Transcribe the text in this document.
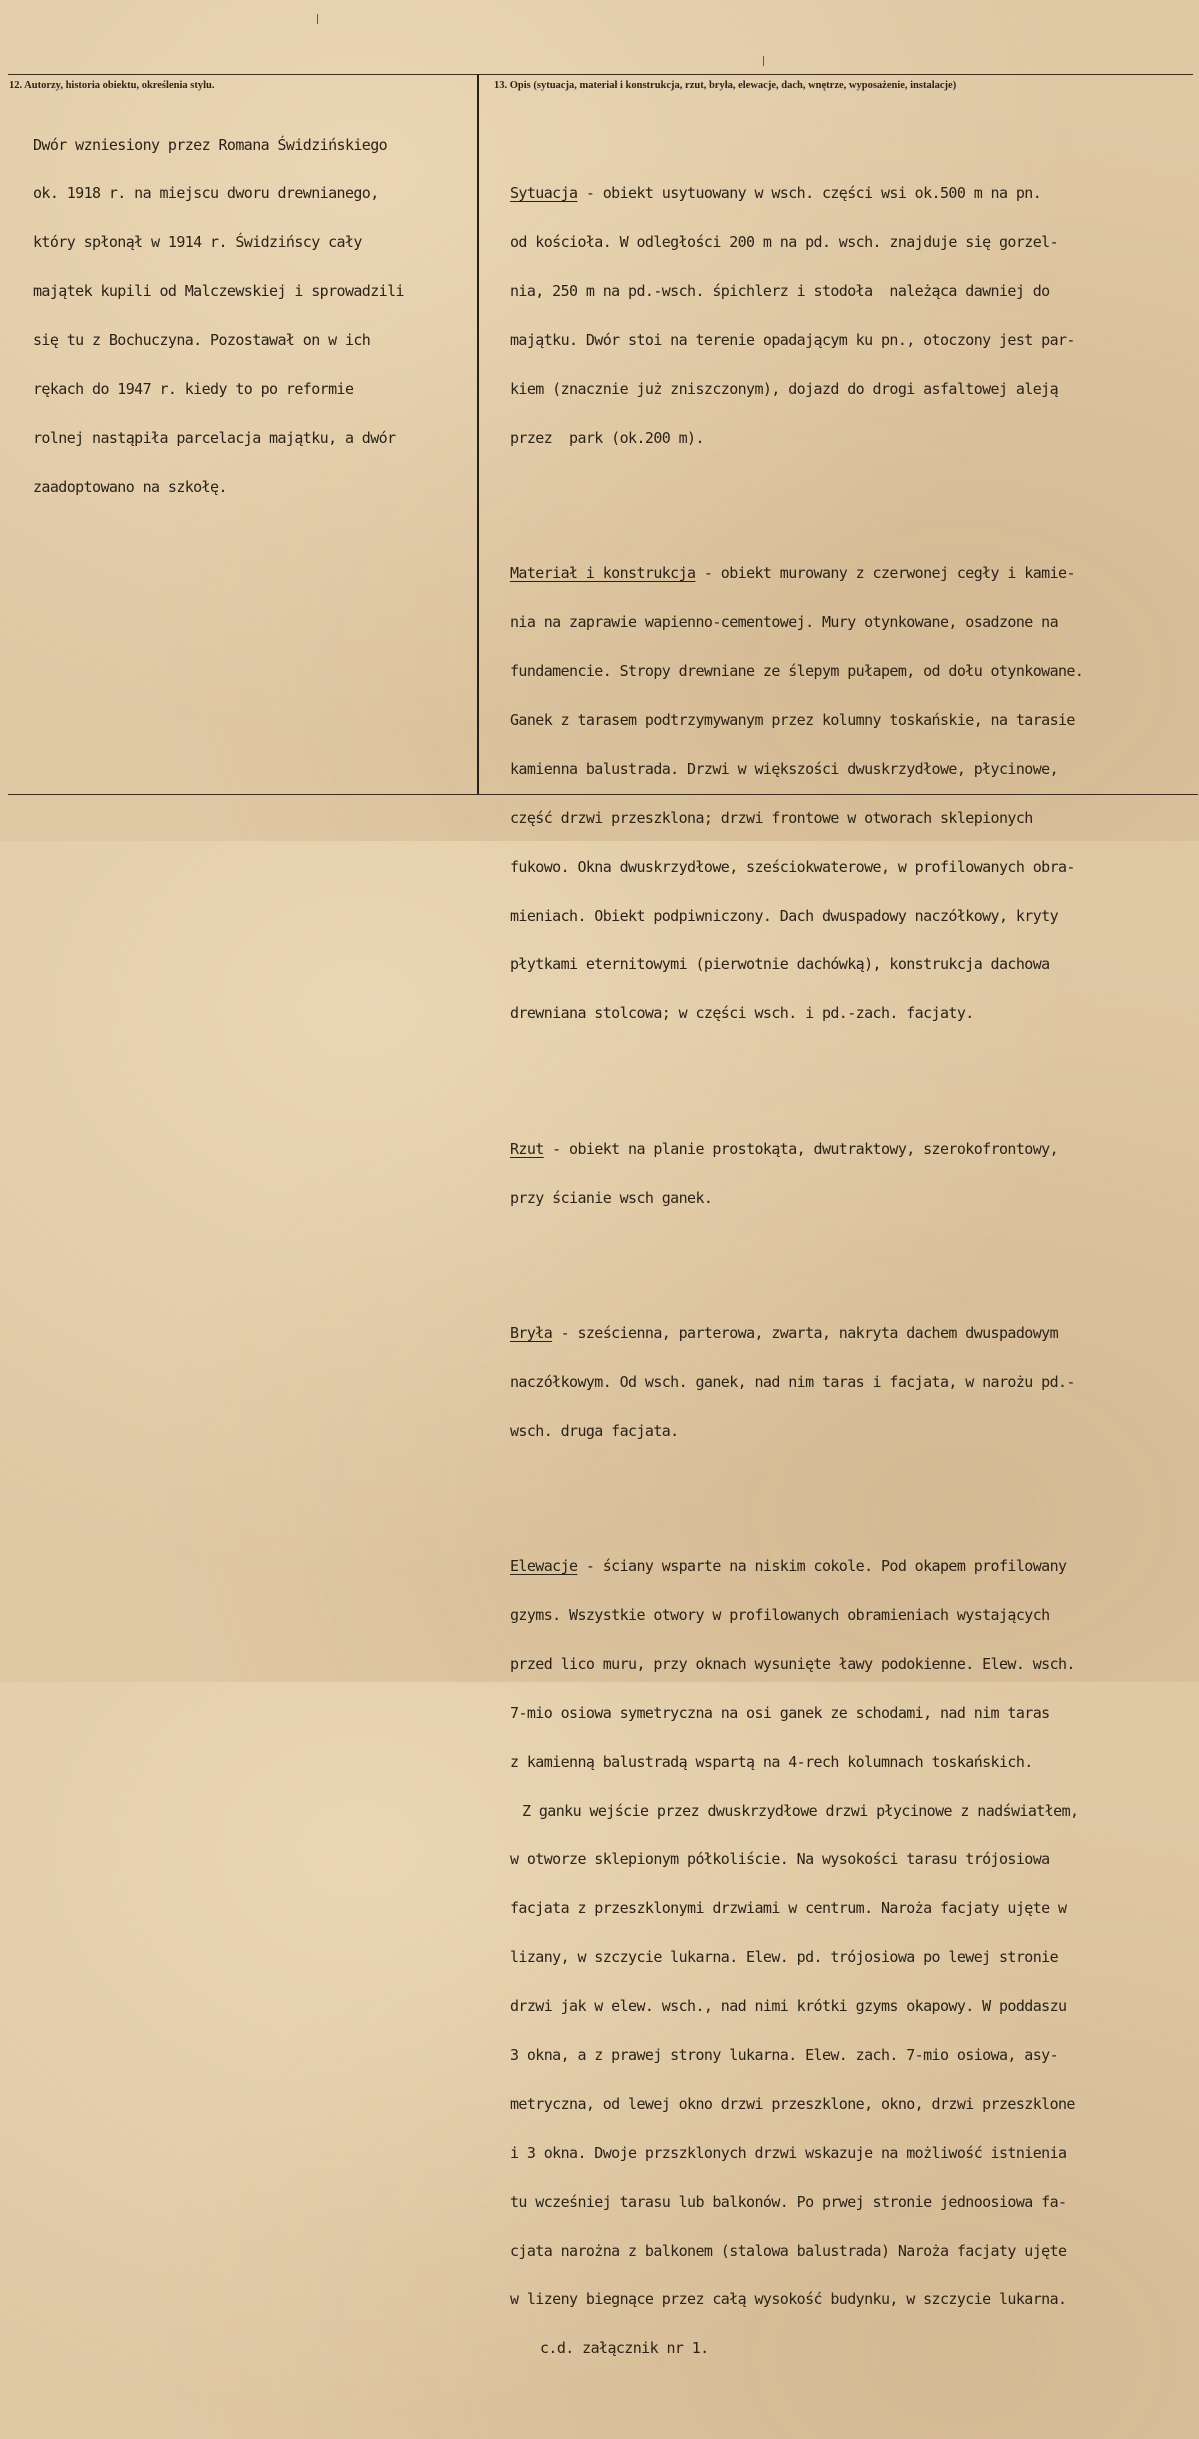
12. Autorzy, historia obiektu, określenia stylu.	13. Opis (sytuacja, materiał i konstrukcja, rzut, bryła, elewacje, dach, wnętrze, wyposażenie, instalacje)

Dwór wzniesiony przez Romana Świdzińskiego

ok. 1918 r. na miejscu dworu drewnianego,

który spłonął w 1914 r. Świdzińscy cały

majątek kupili od Malczewskiej i sprowadzili

się tu z Bochuczyna. Pozostawał on w ich

rękach do 1947 r. kiedy to po reformie

rolnej nastąpiła parcelacja majątku, a dwór

zaadoptowano na szkołę.

Sytuacja - obiekt usytuowany w wsch. części wsi ok.500 m na pn.

od kościoła. W odległości 200 m na pd. wsch. znajduje się gorzel-

nia, 250 m na pd.-wsch. śpichlerz i stodoła  należąca dawniej do

majątku. Dwór stoi na terenie opadającym ku pn., otoczony jest par-

kiem (znacznie już zniszczonym), dojazd do drogi asfaltowej aleją

przez  park (ok.200 m).

Materiał i konstrukcja - obiekt murowany z czerwonej cegły i kamie-

nia na zaprawie wapienno-cementowej. Mury otynkowane, osadzone na

fundamencie. Stropy drewniane ze ślepym pułapem, od dołu otynkowane.

Ganek z tarasem podtrzymywanym przez kolumny toskańskie, na tarasie

kamienna balustrada. Drzwi w większości dwuskrzydłowe, płycinowe,

część drzwi przeszklona; drzwi frontowe w otworach sklepionych

fukowo. Okna dwuskrzydłowe, sześciokwaterowe, w profilowanych obra-

mieniach. Obiekt podpiwniczony. Dach dwuspadowy naczółkowy, kryty

płytkami eternitowymi (pierwotnie dachówką), konstrukcja dachowa

drewniana stolcowa; w części wsch. i pd.-zach. facjaty.

Rzut - obiekt na planie prostokąta, dwutraktowy, szerokofrontowy,

przy ścianie wsch ganek.

Bryła - sześcienna, parterowa, zwarta, nakryta dachem dwuspadowym

naczółkowym. Od wsch. ganek, nad nim taras i facjata, w narożu pd.-

wsch. druga facjata.

Elewacje - ściany wsparte na niskim cokole. Pod okapem profilowany

gzyms. Wszystkie otwory w profilowanych obramieniach wystających

przed lico muru, przy oknach wysunięte ławy podokienne. Elew. wsch.

7-mio osiowa symetryczna na osi ganek ze schodami, nad nim taras

z kamienną balustradą wspartą na 4-rech kolumnach toskańskich.

Z ganku wejście przez dwuskrzydłowe drzwi płycinowe z nadświatłem,

w otworze sklepionym półkoliście. Na wysokości tarasu trójosiowa

facjata z przeszklonymi drzwiami w centrum. Naroża facjaty ujęte w

lizany, w szczycie lukarna. Elew. pd. trójosiowa po lewej stronie

drzwi jak w elew. wsch., nad nimi krótki gzyms okapowy. W poddaszu

3 okna, a z prawej strony lukarna. Elew. zach. 7-mio osiowa, asy-

metryczna, od lewej okno drzwi przeszklone, okno, drzwi przeszklone

i 3 okna. Dwoje przszklonych drzwi wskazuje na możliwość istnienia

tu wcześniej tarasu lub balkonów. Po prwej stronie jednoosiowa fa-

cjata narożna z balkonem (stalowa balustrada) Naroża facjaty ujęte

w lizeny biegnące przez całą wysokość budynku, w szczycie lukarna.

c.d. załącznik nr 1.
